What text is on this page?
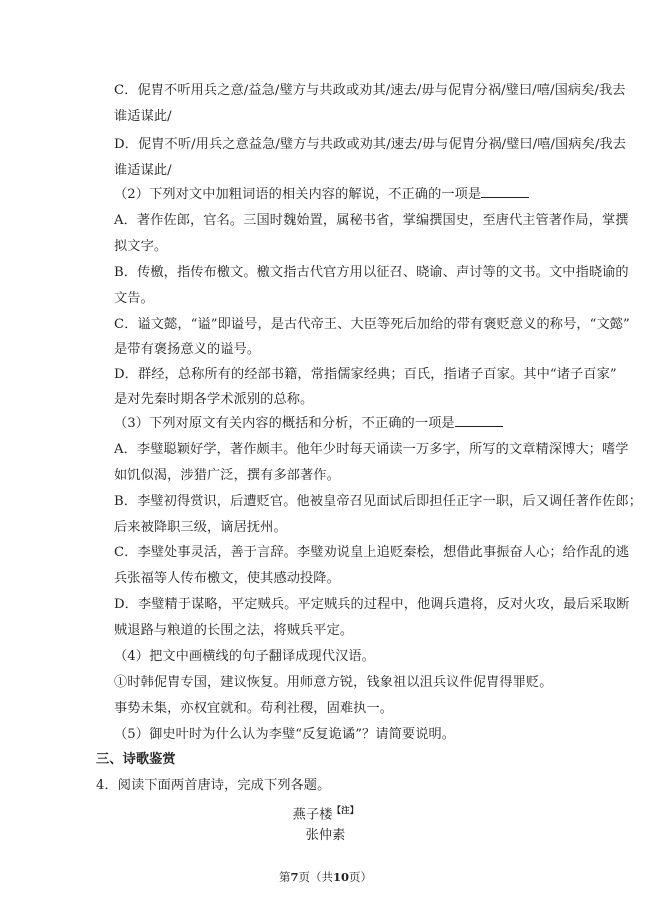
C．伲胄不听用兵之意/益急/璧方与共政或劝其/速去/毋与伲胄分祸/璧曰/嘻/国病矣/我去
谁适谋此/
D．伲胄不听/用兵之意益急/璧方与共政或劝其/速去/毋与伲胄分祸/璧曰/嘻/国病矣/我去
谁适谋此/
（2）下列对文中加粗词语的相关内容的解说，不正确的一项是
A．著作佐郎，官名。三国时魏始置，属秘书省，掌编撰国史，至唐代主管著作局，掌撰
拟文字。
B．传檄，指传布檄文。檄文指古代官方用以征召、晓谕、声讨等的文书。文中指晓谕的
文告。
C．谥文懿，“谥”即谥号，是古代帝王、大臣等死后加给的带有褒贬意义的称号，“文懿”
是带有褒扬意义的谥号。
D．群经，总称所有的经部书籍，常指儒家经典；百氏，指诸子百家。其中“诸子百家”
是对先秦时期各学术派别的总称。
（3）下列对原文有关内容的概括和分析，不正确的一项是
A．李璧聪颖好学，著作颇丰。他年少时每天诵读一万多字，所写的文章精深博大；嗜学
如饥似渴，涉猎广泛，撰有多部著作。
B．李璧初得赏识，后遭贬官。他被皇帝召见面试后即担任正字一职，后又调任著作佐郎；
后来被降职三级，谪居抚州。
C．李璧处事灵活，善于言辞。李璧劝说皇上追贬秦桧，想借此事振奋人心；给作乱的逃
兵张福等人传布檄文，使其感动投降。
D．李璧精于谋略，平定贼兵。平定贼兵的过程中，他调兵遣将，反对火攻，最后采取断
贼退路与粮道的长围之法，将贼兵平定。
（4）把文中画横线的句子翻译成现代汉语。
①时韩伲胄专国，建议恢复。用师意方锐，钱象祖以沮兵议件伲胄得罪贬。
事势未集，亦权宜就和。苟利社稷，固难执一。
（5）御史叶时为什么认为李璧“反复诡谲”？请简要说明。
三、诗歌鉴赏
4．阅读下面两首唐诗，完成下列各题。
燕子楼$^{【注】}$
张仲素
第7页（共10页）
